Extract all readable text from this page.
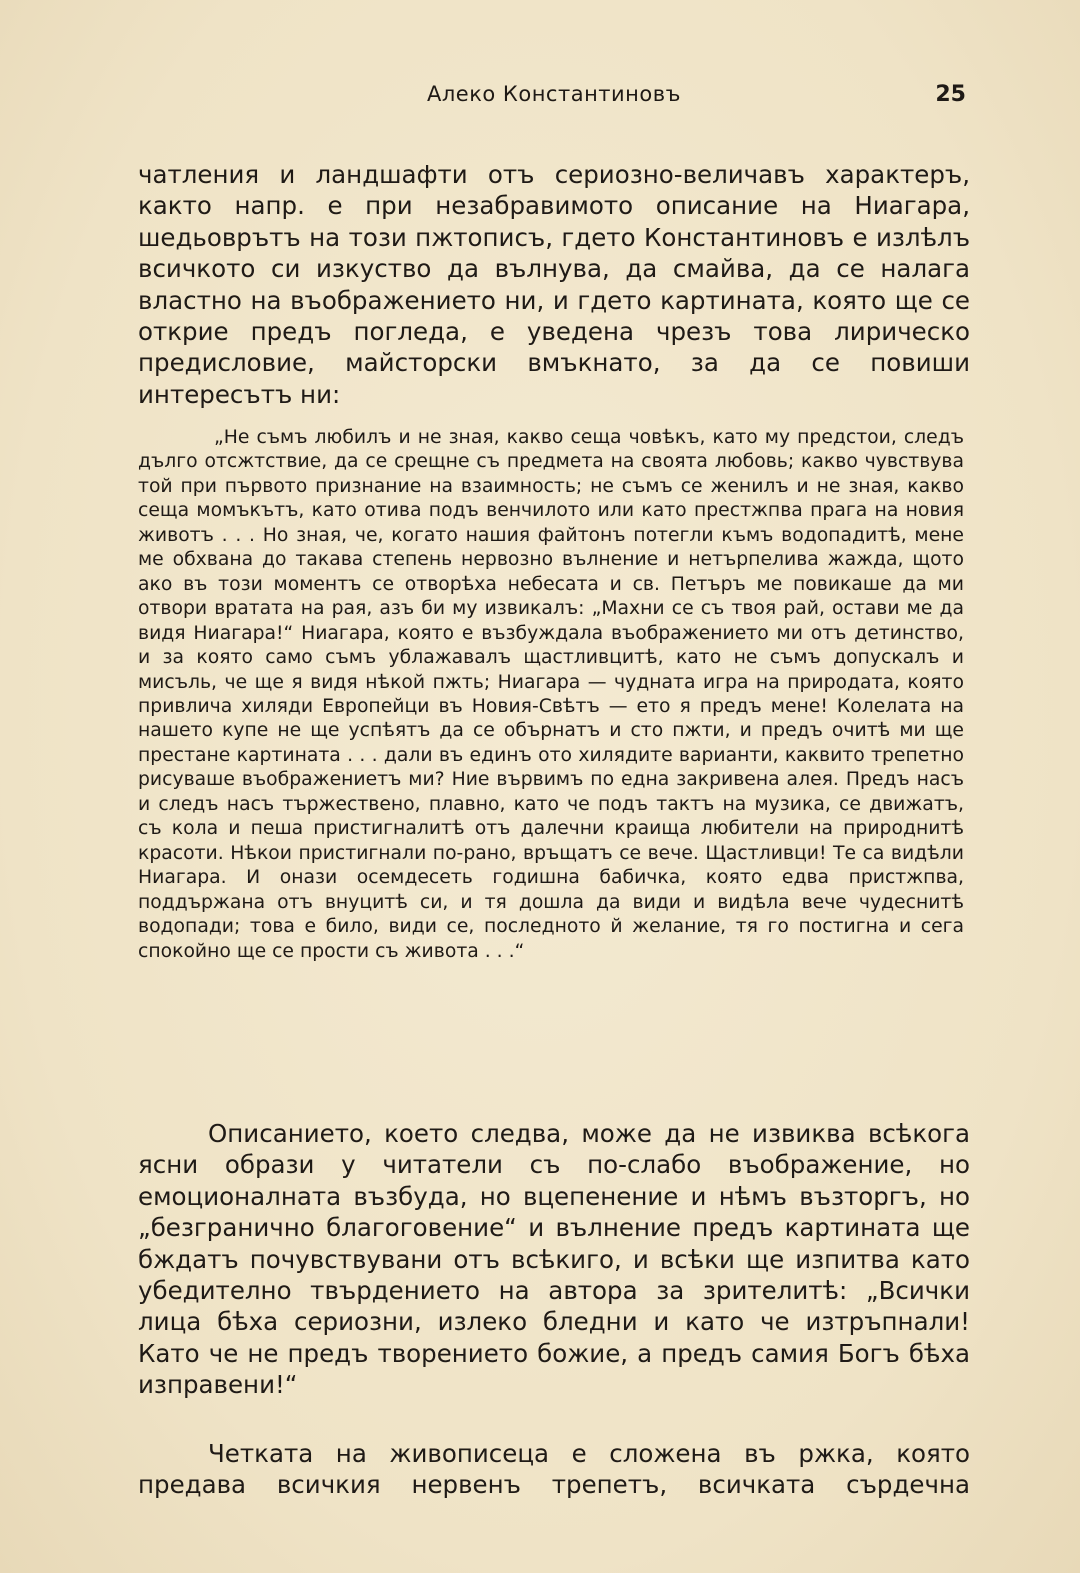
Алеко Константиновъ	25

чатления и ландшафти отъ сериозно-величавъ характеръ, както напр. е при незабравимото описание на Ниагара, шедьоврътъ на този пжтописъ, гдето Константиновъ е излѣлъ всичкото си изкуство да вълнува, да смайва, да се налага властно на въображението ни, и гдето картината, която ще се открие предъ погледа, е уведена чрезъ това лирическо предисловие, майсторски вмъкнато, за да се повиши интересътъ ни:

„Не съмъ любилъ и не зная, какво сеща човѣкъ, като му предстои, следъ дълго отсжтствие, да се срещне съ предмета на своята любовь; какво чувствува той при първото признание на взаимность; не съмъ се женилъ и не зная, какво сеща момъкътъ, като отива подъ венчилото или като престжпва прага на новия животъ . . . Но зная, че, когато нашия файтонъ потегли къмъ водопадитѣ, мене ме обхвана до такава степень нервозно вълнение и нетърпелива жажда, щото ако въ този моментъ се отворѣха небесата и св. Петъръ ме повикаше да ми отвори вратата на рая, азъ би му извикалъ: „Махни се съ твоя рай, остави ме да видя Ниагара!“ Ниагара, която е възбуждала въображението ми отъ детинство, и за която само съмъ ублажавалъ щастливцитѣ, като не съмъ допускалъ и мисъль, че ще я видя нѣкой пжть; Ниагара — чудната игра на природата, която привлича хиляди Европейци въ Новия-Свѣтъ — ето я предъ мене! Колелата на нашето купе не ще успѣятъ да се обърнатъ и сто пжти, и предъ очитѣ ми ще престане картината . . . дали въ единъ ото хилядите варианти, каквито трепетно рисуваше въображениетъ ми? Ние вървимъ по една закривена алея. Предъ насъ и следъ насъ тържествено, плавно, като че подъ тактъ на музика, се движатъ, съ кола и пеша пристигналитѣ отъ далечни краища любители на природнитѣ красоти. Нѣкои пристигнали по-рано, връщатъ се вече. Щастливци! Те са видѣли Ниагара. И онази осемдесеть годишна бабичка, която едва пристжпва, поддържана отъ внуцитѣ си, и тя дошла да види и видѣла вече чудеснитѣ водопади; това е било, види се, последното й желание, тя го постигна и сега спокойно ще се прости съ живота . . .“

Описанието, което следва, може да не извиква всѣкога ясни образи у читатели съ по-слабо въображение, но емоционалната възбуда, но вцепенение и нѣмъ възторгъ, но „безгранично благоговение“ и вълнение предъ картината ще бждатъ почувствувани отъ всѣкиго, и всѣки ще изпитва като убедително твърдението на автора за зрителитѣ: „Всички лица бѣха сериозни, излеко бледни и като че изтръпнали! Като че не предъ творението божие, а предъ самия Богъ бѣха изправени!“

Четката на живописеца е сложена въ ржка, която предава всичкия нервенъ трепетъ, всичката сърдечна
